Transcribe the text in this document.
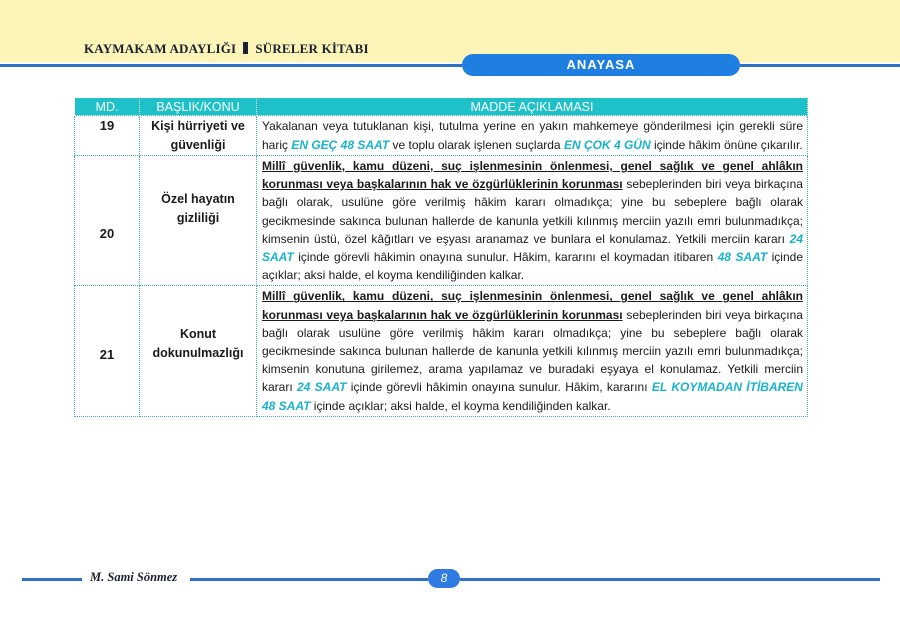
KAYMAKAM ADAYLIĞI SÜRELER KİTABI
ANAYASA
MD.	BAŞLIK/KONU	MADDE AÇIKLAMASI
19	Kişi hürriyeti ve güvenliği	Yakalanan veya tutuklanan kişi, tutulma yerine en yakın mahkemeye gönderilmesi için gerekli süre hariç EN GEÇ 48 SAAT ve toplu olarak işlenen suçlarda EN ÇOK 4 GÜN içinde hâkim önüne çıkarılır.
20	Özel hayatın gizliliği	Millî güvenlik, kamu düzeni, suç işlenmesinin önlenmesi, genel sağlık ve genel ahlâkın korunması veya başkalarının hak ve özgürlüklerinin korunması sebeplerinden biri veya birkaçına bağlı olarak, usulüne göre verilmiş hâkim kararı olmadıkça; yine bu sebeplere bağlı olarak gecikmesinde sakınca bulunan hallerde de kanunla yetkili kılınmış merciin yazılı emri bulunmadıkça; kimsenin üstü, özel kâğıtları ve eşyası aranamaz ve bunlara el konulamaz. Yetkili merciin kararı 24 SAAT içinde görevli hâkimin onayına sunulur. Hâkim, kararını el koymadan itibaren 48 SAAT içinde açıklar; aksi halde, el koyma kendiliğinden kalkar.
21	Konut dokunulmazlığı	Millî güvenlik, kamu düzeni, suç işlenmesinin önlenmesi, genel sağlık ve genel ahlâkın korunması veya başkalarının hak ve özgürlüklerinin korunması sebeplerinden biri veya birkaçına bağlı olarak usulüne göre verilmiş hâkim kararı olmadıkça; yine bu sebeplere bağlı olarak gecikmesinde sakınca bulunan hallerde de kanunla yetkili kılınmış merciin yazılı emri bulunmadıkça; kimsenin konutuna girilemez, arama yapılamaz ve buradaki eşyaya el konulamaz. Yetkili merciin kararı 24 SAAT içinde görevli hâkimin onayına sunulur. Hâkim, kararını EL KOYMADAN İTİBAREN 48 SAAT içinde açıklar; aksi halde, el koyma kendiliğinden kalkar.
M. Sami Sönmez	8
